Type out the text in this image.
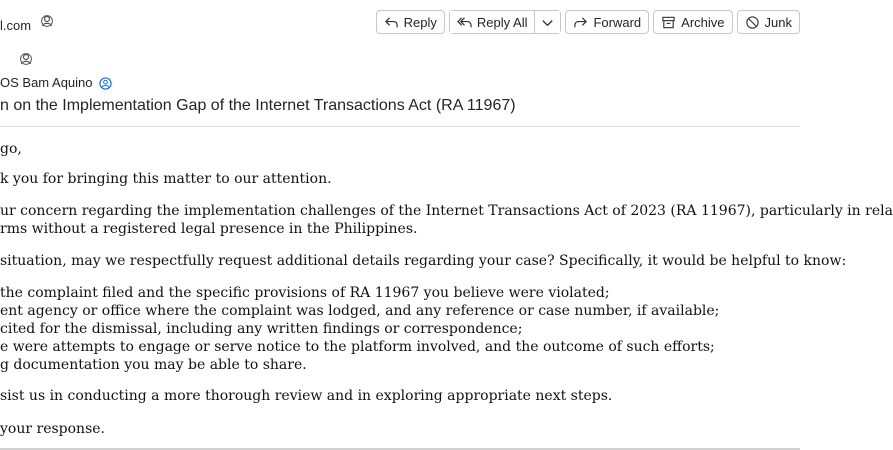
l.com
OS Bam Aquino
Reply	Reply All	Forward	Archive	Junk
n on the Implementation Gap of the Internet Transactions Act (RA 11967)
go,
k you for bringing this matter to our attention.
ur concern regarding the implementation challenges of the Internet Transactions Act of 2023 (RA 11967), particularly in rela
rms without a registered legal presence in the Philippines.
situation, may we respectfully request additional details regarding your case? Specifically, it would be helpful to know:
the complaint filed and the specific provisions of RA 11967 you believe were violated;
ent agency or office where the complaint was lodged, and any reference or case number, if available;
cited for the dismissal, including any written findings or correspondence;
e were attempts to engage or serve notice to the platform involved, and the outcome of such efforts;
g documentation you may be able to share.
sist us in conducting a more thorough review and in exploring appropriate next steps.
your response.
